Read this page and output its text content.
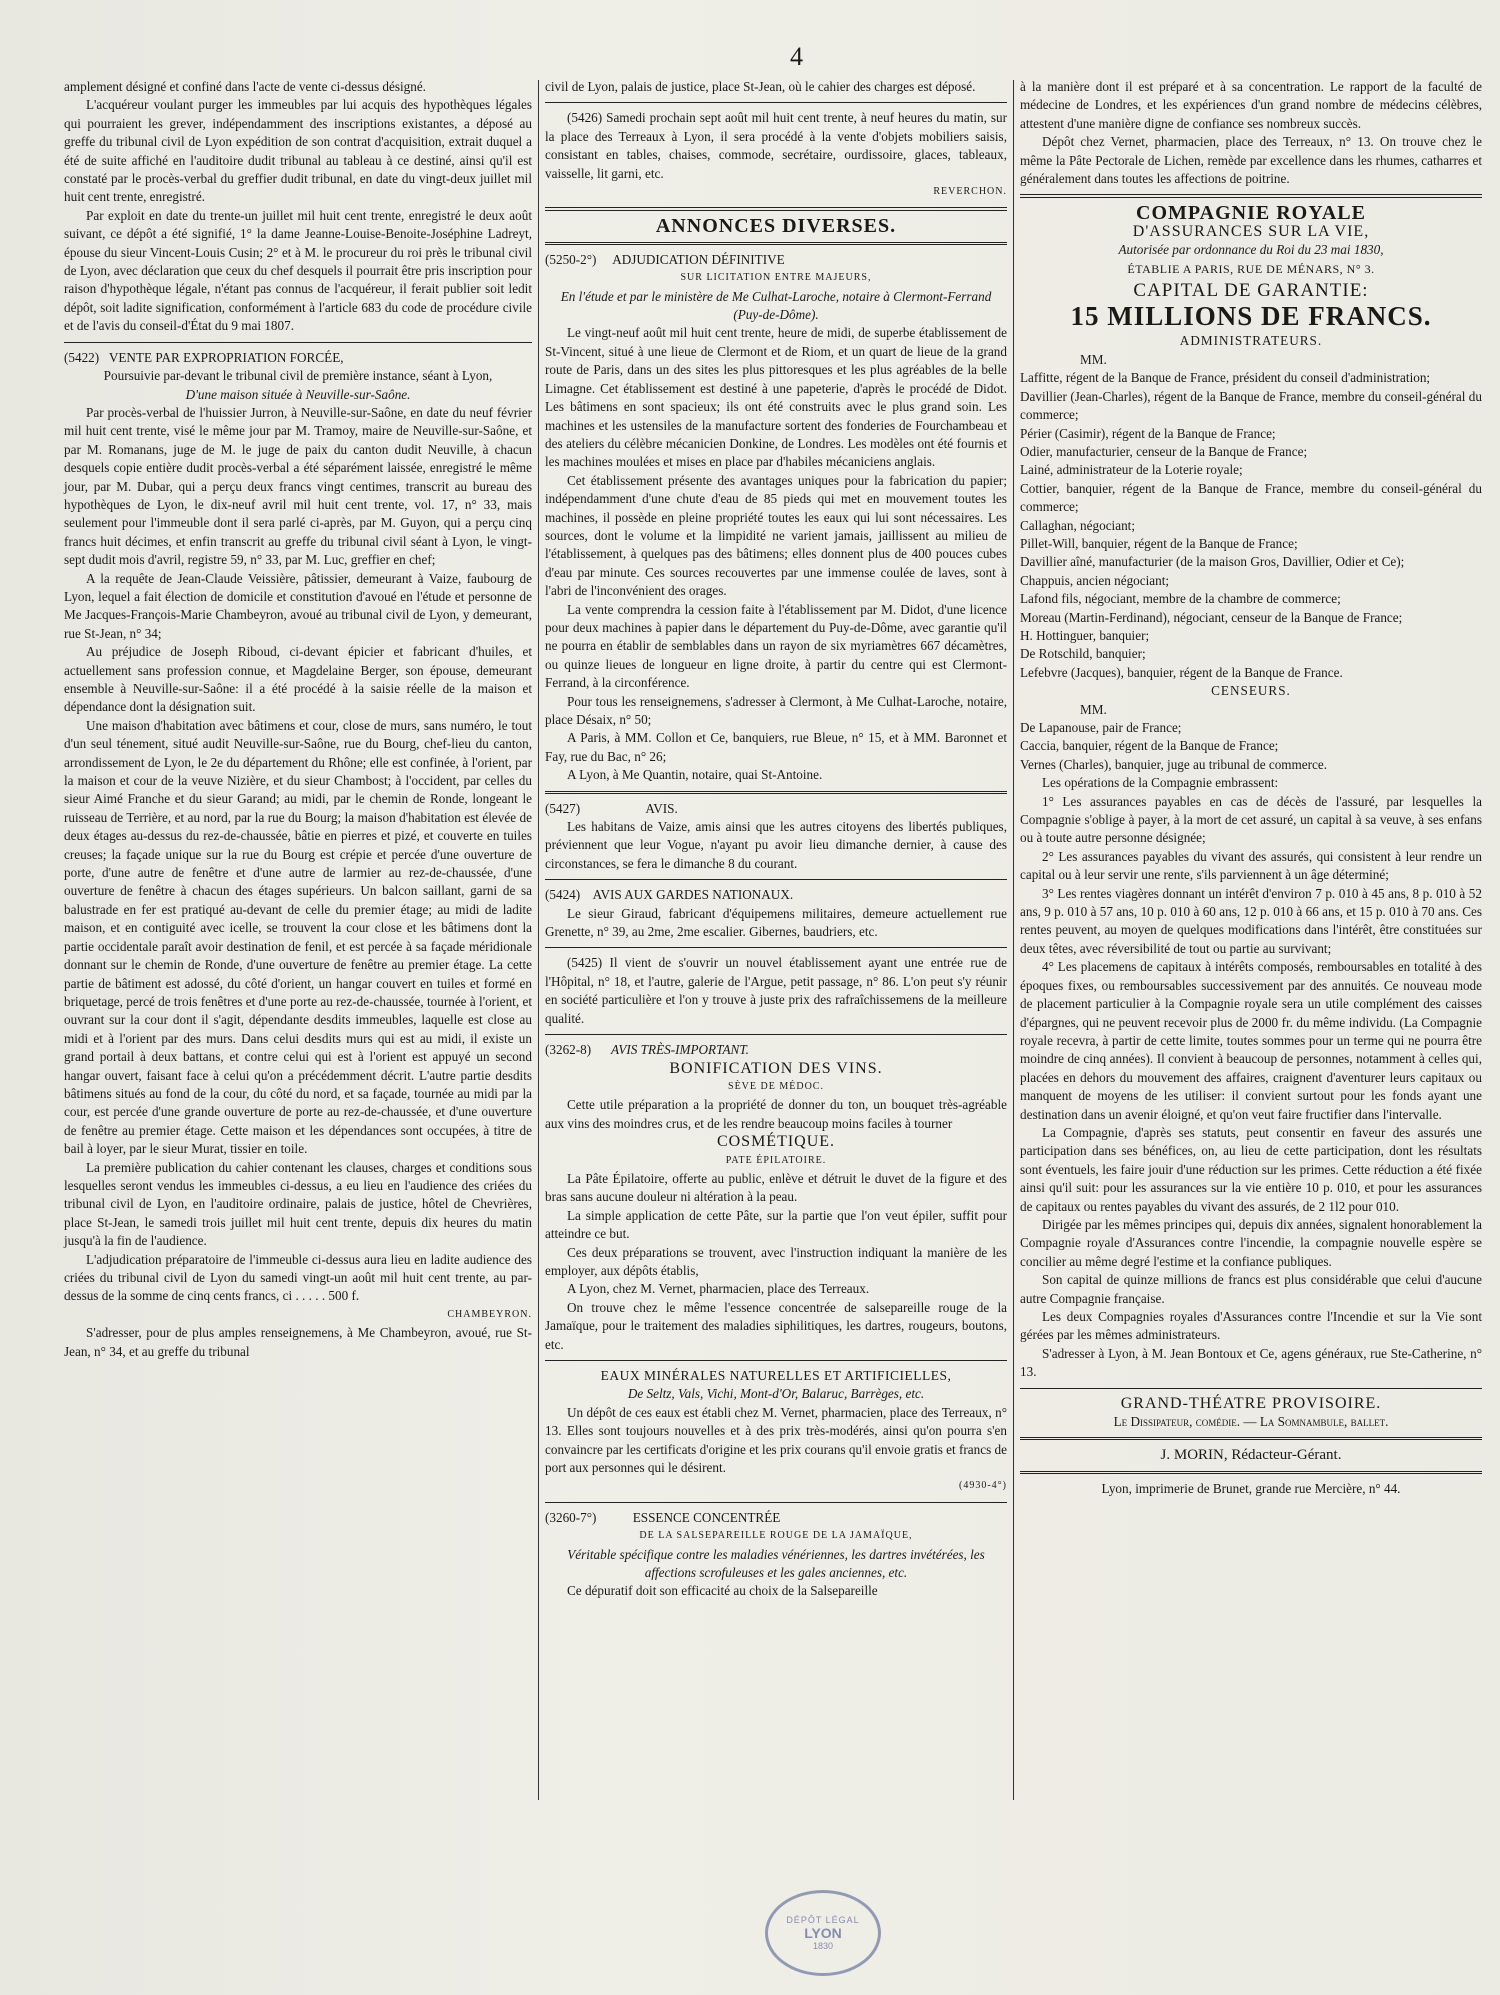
4

amplement désigné et confiné dans l'acte de vente ci-dessus désigné.

L'acquéreur voulant purger les immeubles par lui acquis des hypothèques légales qui pourraient les grever, indépendamment des inscriptions existantes, a déposé au greffe du tribunal civil de Lyon expédition de son contrat d'acquisition, extrait duquel a été de suite affiché en l'auditoire dudit tribunal au tableau à ce destiné, ainsi qu'il est constaté par le procès-verbal du greffier dudit tribunal, en date du vingt-deux juillet mil huit cent trente, enregistré.

Par exploit en date du trente-un juillet mil huit cent trente, enregistré le deux août suivant, ce dépôt a été signifié, 1° la dame Jeanne-Louise-Benoite-Joséphine Ladreyt, épouse du sieur Vincent-Louis Cusin; 2° et à M. le procureur du roi près le tribunal civil de Lyon, avec déclaration que ceux du chef desquels il pourrait être pris inscription pour raison d'hypothèque légale, n'étant pas connus de l'acquéreur, il ferait publier soit ledit dépôt, soit ladite signification, conformément à l'article 683 du code de procédure civile et de l'avis du conseil-d'État du 9 mai 1807.

(5422) VENTE PAR EXPROPRIATION FORCÉE,

Poursuivie par-devant le tribunal civil de première instance, séant à Lyon,

D'une maison située à Neuville-sur-Saône.

Par procès-verbal de l'huissier Jurron, à Neuville-sur-Saône, en date du neuf février mil huit cent trente, visé le même jour par M. Tramoy, maire de Neuville-sur-Saône, et par M. Romanans, juge de M. le juge de paix du canton dudit Neuville, à chacun desquels copie entière dudit procès-verbal a été séparément laissée, enregistré le même jour, par M. Dubar, qui a perçu deux francs vingt centimes, transcrit au bureau des hypothèques de Lyon, le dix-neuf avril mil huit cent trente, vol. 17, n° 33, mais seulement pour l'immeuble dont il sera parlé ci-après, par M. Guyon, qui a perçu cinq francs huit décimes, et enfin transcrit au greffe du tribunal civil séant à Lyon, le vingt-sept dudit mois d'avril, registre 59, n° 33, par M. Luc, greffier en chef;

A la requête de Jean-Claude Veissière, pâtissier, demeurant à Vaize, faubourg de Lyon, lequel a fait élection de domicile et constitution d'avoué en l'étude et personne de Me Jacques-François-Marie Chambeyron, avoué au tribunal civil de Lyon, y demeurant, rue St-Jean, n° 34;

Au préjudice de Joseph Riboud, ci-devant épicier et fabricant d'huiles, et actuellement sans profession connue, et Magdelaine Berger, son épouse, demeurant ensemble à Neuville-sur-Saône: il a été procédé à la saisie réelle de la maison et dépendance dont la désignation suit.

Une maison d'habitation avec bâtimens et cour, close de murs, sans numéro, le tout d'un seul ténement, situé audit Neuville-sur-Saône, rue du Bourg, chef-lieu du canton, arrondissement de Lyon, le 2e du département du Rhône; elle est confinée, à l'orient, par la maison et cour de la veuve Nizière, et du sieur Chambost; à l'occident, par celles du sieur Aimé Franche et du sieur Garand; au midi, par le chemin de Ronde, longeant le ruisseau de Terrière, et au nord, par la rue du Bourg; la maison d'habitation est élevée de deux étages au-dessus du rez-de-chaussée, bâtie en pierres et pizé, et couverte en tuiles creuses; la façade unique sur la rue du Bourg est crépie et percée d'une ouverture de porte, d'une autre de fenêtre et d'une autre de larmier au rez-de-chaussée, d'une ouverture de fenêtre à chacun des étages supérieurs. Un balcon saillant, garni de sa balustrade en fer est pratiqué au-devant de celle du premier étage; au midi de ladite maison, et en contiguité avec icelle, se trouvent la cour close et les bâtimens dont la partie occidentale paraît avoir destination de fenil, et est percée à sa façade méridionale donnant sur le chemin de Ronde, d'une ouverture de fenêtre au premier étage. La cette partie de bâtiment est adossé, du côté d'orient, un hangar couvert en tuiles et formé en briquetage, percé de trois fenêtres et d'une porte au rez-de-chaussée, tournée à l'orient, et ouvrant sur la cour dont il s'agit, dépendante desdits immeubles, laquelle est close au midi et à l'orient par des murs. Dans celui desdits murs qui est au midi, il existe un grand portail à deux battans, et contre celui qui est à l'orient est appuyé un second hangar ouvert, faisant face à celui qu'on a précédemment décrit. L'autre partie desdits bâtimens situés au fond de la cour, du côté du nord, et sa façade, tournée au midi par la cour, est percée d'une grande ouverture de porte au rez-de-chaussée, et d'une ouverture de fenêtre au premier étage. Cette maison et les dépendances sont occupées, à titre de bail à loyer, par le sieur Murat, tissier en toile.

La première publication du cahier contenant les clauses, charges et conditions sous lesquelles seront vendus les immeubles ci-dessus, a eu lieu en l'audience des criées du tribunal civil de Lyon, en l'auditoire ordinaire, palais de justice, hôtel de Chevrières, place St-Jean, le samedi trois juillet mil huit cent trente, depuis dix heures du matin jusqu'à la fin de l'audience.

L'adjudication préparatoire de l'immeuble ci-dessus aura lieu en ladite audience des criées du tribunal civil de Lyon du samedi vingt-un août mil huit cent trente, au par-dessus de la somme de cinq cents francs, ci . . . . . 500 f.

CHAMBEYRON.

S'adresser, pour de plus amples renseignemens, à Me Chambeyron, avoué, rue St-Jean, n° 34, et au greffe du tribunal

civil de Lyon, palais de justice, place St-Jean, où le cahier des charges est déposé.

(5426) Samedi prochain sept août mil huit cent trente, à neuf heures du matin, sur la place des Terreaux à Lyon, il sera procédé à la vente d'objets mobiliers saisis, consistant en tables, chaises, commode, secrétaire, ourdissoire, glaces, tableaux, vaisselle, lit garni, etc.

REVERCHON.
ANNONCES DIVERSES.

(5250-2°) ADJUDICATION DÉFINITIVE

SUR LICITATION ENTRE MAJEURS,

En l'étude et par le ministère de Me Culhat-Laroche, notaire à Clermont-Ferrand (Puy-de-Dôme).

Le vingt-neuf août mil huit cent trente, heure de midi, de superbe établissement de St-Vincent, situé à une lieue de Clermont et de Riom, et un quart de lieue de la grand route de Paris, dans un des sites les plus pittoresques et les plus agréables de la belle Limagne. Cet établissement est destiné à une papeterie, d'après le procédé de Didot. Les bâtimens en sont spacieux; ils ont été construits avec le plus grand soin. Les machines et les ustensiles de la manufacture sortent des fonderies de Fourchambeau et des ateliers du célèbre mécanicien Donkine, de Londres. Les modèles ont été fournis et les machines moulées et mises en place par d'habiles mécaniciens anglais.

Cet établissement présente des avantages uniques pour la fabrication du papier; indépendamment d'une chute d'eau de 85 pieds qui met en mouvement toutes les machines, il possède en pleine propriété toutes les eaux qui lui sont nécessaires. Les sources, dont le volume et la limpidité ne varient jamais, jaillissent au milieu de l'établissement, à quelques pas des bâtimens; elles donnent plus de 400 pouces cubes d'eau par minute. Ces sources recouvertes par une immense coulée de laves, sont à l'abri de l'inconvénient des orages.

La vente comprendra la cession faite à l'établissement par M. Didot, d'une licence pour deux machines à papier dans le département du Puy-de-Dôme, avec garantie qu'il ne pourra en établir de semblables dans un rayon de six myriamètres 667 décamètres, ou quinze lieues de longueur en ligne droite, à partir du centre qui est Clermont-Ferrand, à la circonférence.

Pour tous les renseignemens, s'adresser à Clermont, à Me Culhat-Laroche, notaire, place Désaix, n° 50;

A Paris, à MM. Collon et Ce, banquiers, rue Bleue, n° 15, et à MM. Baronnet et Fay, rue du Bac, n° 26;

A Lyon, à Me Quantin, notaire, quai St-Antoine.

(5427)	AVIS.

Les habitans de Vaize, amis ainsi que les autres citoyens des libertés publiques, préviennent que leur Vogue, n'ayant pu avoir lieu dimanche dernier, à cause des circonstances, se fera le dimanche 8 du courant.

(5424) AVIS AUX GARDES NATIONAUX.

Le sieur Giraud, fabricant d'équipemens militaires, demeure actuellement rue Grenette, n° 39, au 2me, 2me escalier. Gibernes, baudriers, etc.

(5425) Il vient de s'ouvrir un nouvel établissement ayant une entrée rue de l'Hôpital, n° 18, et l'autre, galerie de l'Argue, petit passage, n° 86. L'on peut s'y réunir en société particulière et l'on y trouve à juste prix des rafraîchissemens de la meilleure qualité.

(3262-8) AVIS TRÈS-IMPORTANT.

BONIFICATION DES VINS.
SÈVE DE MÉDOC.

Cette utile préparation a la propriété de donner du ton, un bouquet très-agréable aux vins des moindres crus, et de les rendre beaucoup moins faciles à tourner

COSMÉTIQUE.
PATE ÉPILATOIRE.

La Pâte Épilatoire, offerte au public, enlève et détruit le duvet de la figure et des bras sans aucune douleur ni altération à la peau.

La simple application de cette Pâte, sur la partie que l'on veut épiler, suffit pour atteindre ce but.

Ces deux préparations se trouvent, avec l'instruction indiquant la manière de les employer, aux dépôts établis,

A Lyon, chez M. Vernet, pharmacien, place des Terreaux.

On trouve chez le même l'essence concentrée de salsepareille rouge de la Jamaïque, pour le traitement des maladies siphilitiques, les dartres, rougeurs, boutons, etc.

EAUX MINÉRALES NATURELLES ET ARTIFICIELLES,

De Seltz, Vals, Vichi, Mont-d'Or, Balaruc, Barrèges, etc.

Un dépôt de ces eaux est établi chez M. Vernet, pharmacien, place des Terreaux, n° 13. Elles sont toujours nouvelles et à des prix très-modérés, ainsi qu'on pourra s'en convaincre par les certificats d'origine et les prix courans qu'il envoie gratis et francs de port aux personnes qui le désirent.

(4930-4°)

(3260-7°)	ESSENCE CONCENTRÉE

DE LA SALSEPAREILLE ROUGE DE LA JAMAÏQUE,

Véritable spécifique contre les maladies vénériennes, les dartres invétérées, les affections scrofuleuses et les gales anciennes, etc.

Ce dépuratif doit son efficacité au choix de la Salsepareille

à la manière dont il est préparé et à sa concentration. Le rapport de la faculté de médecine de Londres, et les expériences d'un grand nombre de médecins célèbres, attestent d'une manière digne de confiance ses nombreux succès.

Dépôt chez Vernet, pharmacien, place des Terreaux, n° 13. On trouve chez le même la Pâte Pectorale de Lichen, remède par excellence dans les rhumes, catharres et généralement dans toutes les affections de poitrine.

COMPAGNIE ROYALE
D'ASSURANCES SUR LA VIE,
Autorisée par ordonnance du Roi du 23 mai 1830,
ÉTABLIE A PARIS, RUE DE MÉNARS, N° 3.
CAPITAL DE GARANTIE:
15 MILLIONS DE FRANCS.
ADMINISTRATEURS.

MM.

Laffitte, régent de la Banque de France, président du conseil d'administration;

Davillier (Jean-Charles), régent de la Banque de France, membre du conseil-général du commerce;

Périer (Casimir), régent de la Banque de France;

Odier, manufacturier, censeur de la Banque de France;

Lainé, administrateur de la Loterie royale;

Cottier, banquier, régent de la Banque de France, membre du conseil-général du commerce;

Callaghan, négociant;

Pillet-Will, banquier, régent de la Banque de France;

Davillier aîné, manufacturier (de la maison Gros, Davillier, Odier et Ce);

Chappuis, ancien négociant;

Lafond fils, négociant, membre de la chambre de commerce;

Moreau (Martin-Ferdinand), négociant, censeur de la Banque de France;

H. Hottinguer, banquier;

De Rotschild, banquier;

Lefebvre (Jacques), banquier, régent de la Banque de France.

CENSEURS.

MM.

De Lapanouse, pair de France;

Caccia, banquier, régent de la Banque de France;

Vernes (Charles), banquier, juge au tribunal de commerce.

Les opérations de la Compagnie embrassent:

1° Les assurances payables en cas de décès de l'assuré, par lesquelles la Compagnie s'oblige à payer, à la mort de cet assuré, un capital à sa veuve, à ses enfans ou à toute autre personne désignée;

2° Les assurances payables du vivant des assurés, qui consistent à leur rendre un capital ou à leur servir une rente, s'ils parviennent à un âge déterminé;

3° Les rentes viagères donnant un intérêt d'environ 7 p. 010 à 45 ans, 8 p. 010 à 52 ans, 9 p. 010 à 57 ans, 10 p. 010 à 60 ans, 12 p. 010 à 66 ans, et 15 p. 010 à 70 ans. Ces rentes peuvent, au moyen de quelques modifications dans l'intérêt, être constituées sur deux têtes, avec réversibilité de tout ou partie au survivant;

4° Les placemens de capitaux à intérêts composés, remboursables en totalité à des époques fixes, ou remboursables successivement par des annuités. Ce nouveau mode de placement particulier à la Compagnie royale sera un utile complément des caisses d'épargnes, qui ne peuvent recevoir plus de 2000 fr. du même individu. (La Compagnie royale recevra, à partir de cette limite, toutes sommes pour un terme qui ne pourra être moindre de cinq années). Il convient à beaucoup de personnes, notamment à celles qui, placées en dehors du mouvement des affaires, craignent d'aventurer leurs capitaux ou manquent de moyens de les utiliser: il convient surtout pour les fonds ayant une destination dans un avenir éloigné, et qu'on veut faire fructifier dans l'intervalle.

La Compagnie, d'après ses statuts, peut consentir en faveur des assurés une participation dans ses bénéfices, on, au lieu de cette participation, dont les résultats sont éventuels, les faire jouir d'une réduction sur les primes. Cette réduction a été fixée ainsi qu'il suit: pour les assurances sur la vie entière 10 p. 010, et pour les assurances de capitaux ou rentes payables du vivant des assurés, de 2 1l2 pour 010.

Dirigée par les mêmes principes qui, depuis dix années, signalent honorablement la Compagnie royale d'Assurances contre l'incendie, la compagnie nouvelle espère se concilier au même degré l'estime et la confiance publiques.

Son capital de quinze millions de francs est plus considérable que celui d'aucune autre Compagnie française.

Les deux Compagnies royales d'Assurances contre l'Incendie et sur la Vie sont gérées par les mêmes administrateurs.

S'adresser à Lyon, à M. Jean Bontoux et Ce, agens généraux, rue Ste-Catherine, n° 13.

GRAND-THÉATRE PROVISOIRE.
Le Dissipateur, comédie. — La Somnambule, ballet.
J. MORIN, Rédacteur-Gérant.
Lyon, imprimerie de Brunet, grande rue Mercière, n° 44.
DÉPÔT LÉGAL
LYON
1830
